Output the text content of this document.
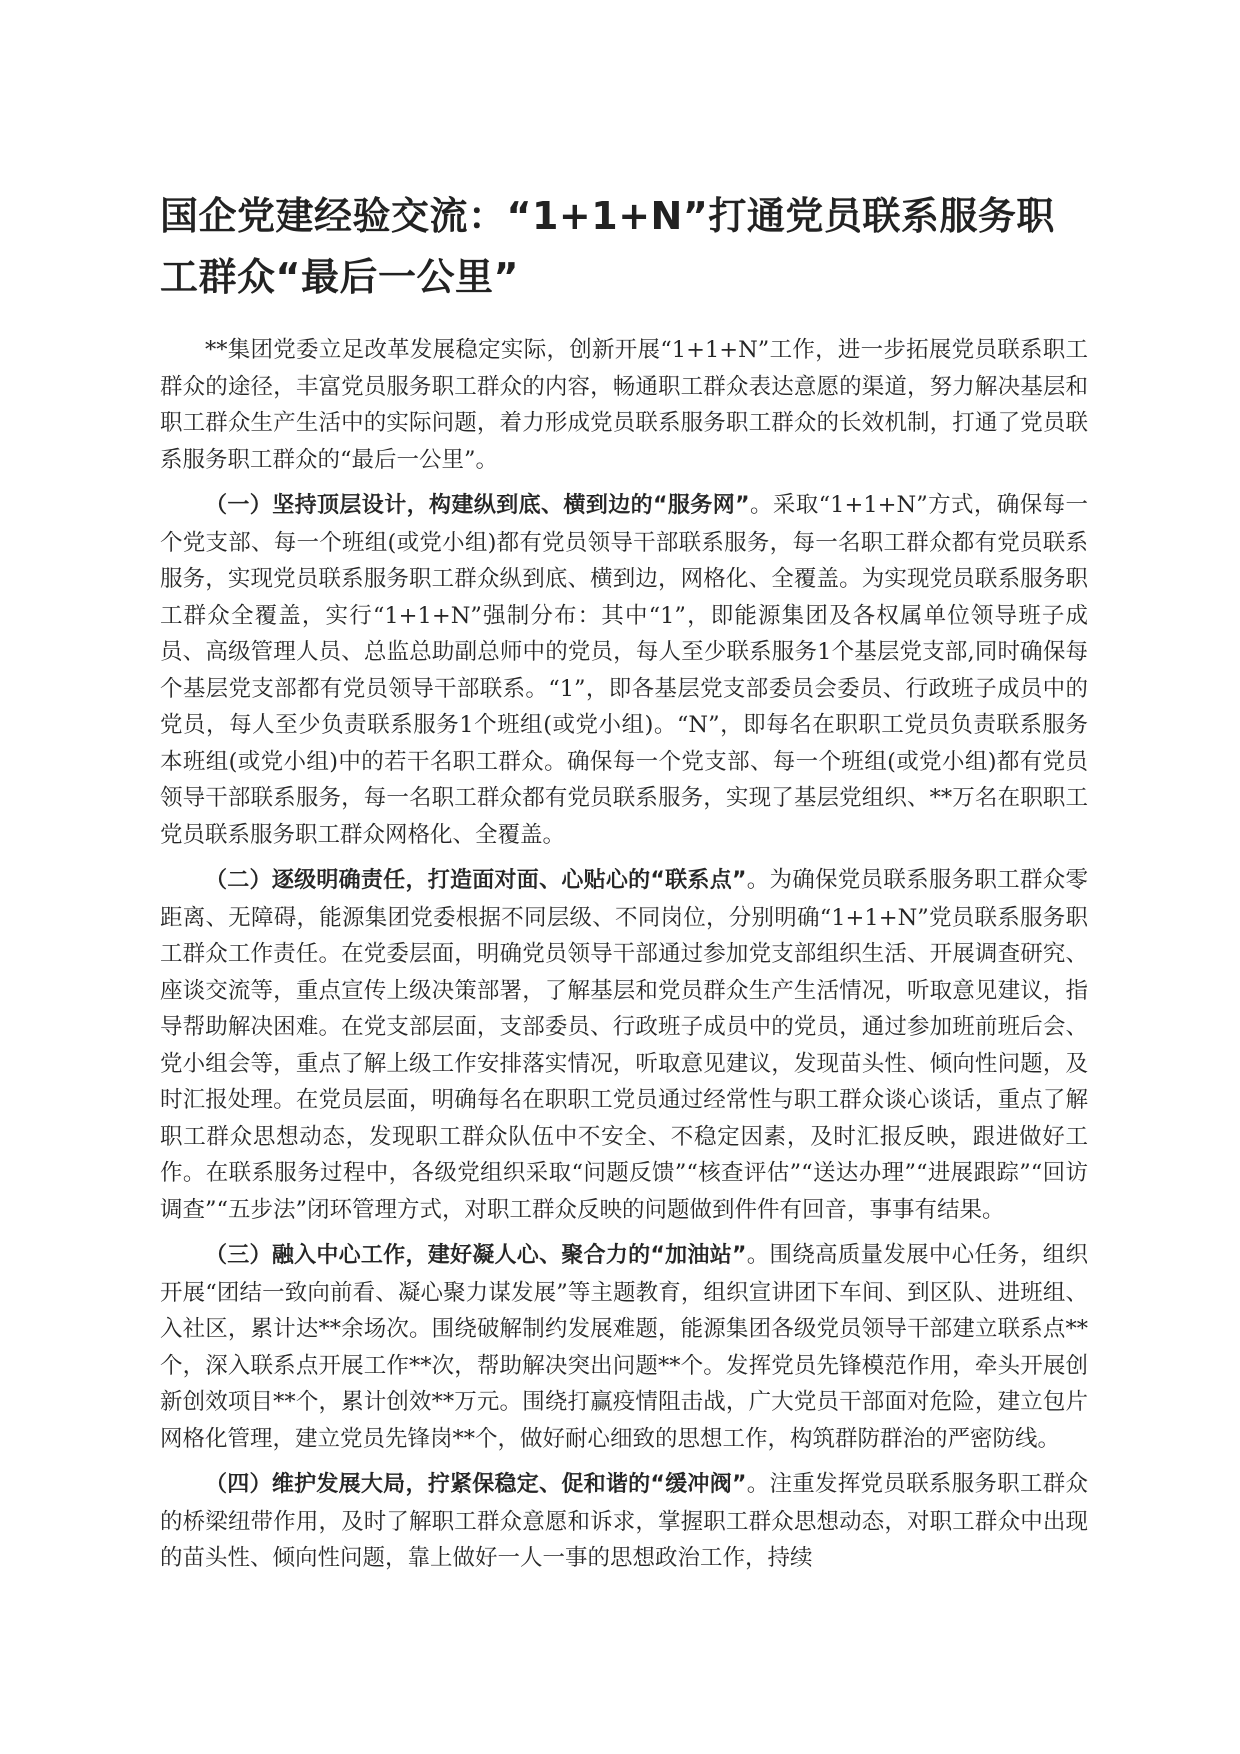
国企党建经验交流：“1+1+N”打通党员联系服务职工群众“最后一公里”

**集团党委立足改革发展稳定实际，创新开展“1+1+N”工作，进一步拓展党员联系职工群众的途径，丰富党员服务职工群众的内容，畅通职工群众表达意愿的渠道，努力解决基层和职工群众生产生活中的实际问题，着力形成党员联系服务职工群众的长效机制，打通了党员联系服务职工群众的“最后一公里”。

（一）坚持顶层设计，构建纵到底、横到边的“服务网”。采取“1+1+N”方式，确保每一个党支部、每一个班组(或党小组)都有党员领导干部联系服务，每一名职工群众都有党员联系服务，实现党员联系服务职工群众纵到底、横到边，网格化、全覆盖。为实现党员联系服务职工群众全覆盖，实行“1+1+N”强制分布：其中“1”，即能源集团及各权属单位领导班子成员、高级管理人员、总监总助副总师中的党员，每人至少联系服务1个基层党支部,同时确保每个基层党支部都有党员领导干部联系。“1”，即各基层党支部委员会委员、行政班子成员中的党员，每人至少负责联系服务1个班组(或党小组)。“N”，即每名在职职工党员负责联系服务本班组(或党小组)中的若干名职工群众。确保每一个党支部、每一个班组(或党小组)都有党员领导干部联系服务，每一名职工群众都有党员联系服务，实现了基层党组织、**万名在职职工党员联系服务职工群众网格化、全覆盖。

（二）逐级明确责任，打造面对面、心贴心的“联系点”。为确保党员联系服务职工群众零距离、无障碍，能源集团党委根据不同层级、不同岗位，分别明确“1+1+N”党员联系服务职工群众工作责任。在党委层面，明确党员领导干部通过参加党支部组织生活、开展调查研究、座谈交流等，重点宣传上级决策部署，了解基层和党员群众生产生活情况，听取意见建议，指导帮助解决困难。在党支部层面，支部委员、行政班子成员中的党员，通过参加班前班后会、党小组会等，重点了解上级工作安排落实情况，听取意见建议，发现苗头性、倾向性问题，及时汇报处理。在党员层面，明确每名在职职工党员通过经常性与职工群众谈心谈话，重点了解职工群众思想动态，发现职工群众队伍中不安全、不稳定因素，及时汇报反映，跟进做好工作。在联系服务过程中，各级党组织采取“问题反馈”“核查评估”“送达办理”“进展跟踪”“回访调查”“五步法”闭环管理方式，对职工群众反映的问题做到件件有回音，事事有结果。

（三）融入中心工作，建好凝人心、聚合力的“加油站”。围绕高质量发展中心任务，组织开展“团结一致向前看、凝心聚力谋发展”等主题教育，组织宣讲团下车间、到区队、进班组、入社区，累计达**余场次。围绕破解制约发展难题，能源集团各级党员领导干部建立联系点**个，深入联系点开展工作**次，帮助解决突出问题**个。发挥党员先锋模范作用，牵头开展创新创效项目**个，累计创效**万元。围绕打赢疫情阻击战，广大党员干部面对危险，建立包片网格化管理，建立党员先锋岗**个，做好耐心细致的思想工作，构筑群防群治的严密防线。

（四）维护发展大局，拧紧保稳定、促和谐的“缓冲阀”。注重发挥党员联系服务职工群众的桥梁纽带作用，及时了解职工群众意愿和诉求，掌握职工群众思想动态，对职工群众中出现的苗头性、倾向性问题，靠上做好一人一事的思想政治工作，持续
